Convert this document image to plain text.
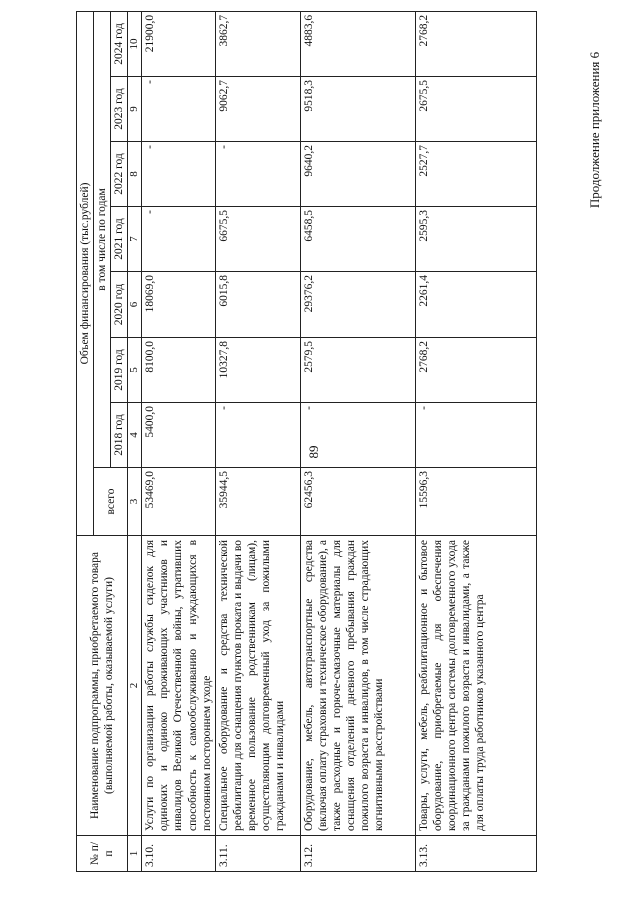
89
Продолжение приложения 6
№ п/п	Наименование подпрограммы, приобретаемого товара (выполняемой работы, оказываемой услуги)	Объем финансирования (тыс.рублей)							
		всего	в том числе по годам						
			2018 год	2019 год	2020 год	2021 год	2022 год	2023 год	2024 год
1	2	3	4	5	6	7	8	9	10
3.10.	Услуги по организации работы службы сиделок для одиноких и одиноко проживающих участников и инвалидов Великой Отечественной войны, утративших способность к самообслуживанию и нуждающихся в постоянном постороннем уходе	53469,0	5400,0	8100,0	18069,0	-	-	-	21900,0
3.11.	Специальное оборудование и средства технической реабилитации для оснащения пунктов проката и выдачи во временное пользование родственникам (лицам), осуществляющим долговременный уход за пожилыми гражданами и инвалидами	35944,5	-	10327,8	6015,8	6675,5	-	9062,7	3862,7
3.12.	Оборудование, мебель, автотранспортные средства (включая оплату страховки и техническое оборудование), а также расходные и горюче-смазочные материалы для оснащения отделений дневного пребывания граждан пожилого возраста и инвалидов, в том числе страдающих когнитивными расстройствами	62456,3	-	2579,5	29376,2	6458,5	9640,2	9518,3	4883,6
3.13.	Товары, услуги, мебель, реабилитационное и бытовое оборудование, приобретаемые для обеспечения координационного центра системы долговременного ухода за гражданами пожилого возраста и инвалидами, а также для оплаты труда работников указанного центра	15596,3	-	2768,2	2261,4	2595,3	2527,7	2675,5	2768,2
